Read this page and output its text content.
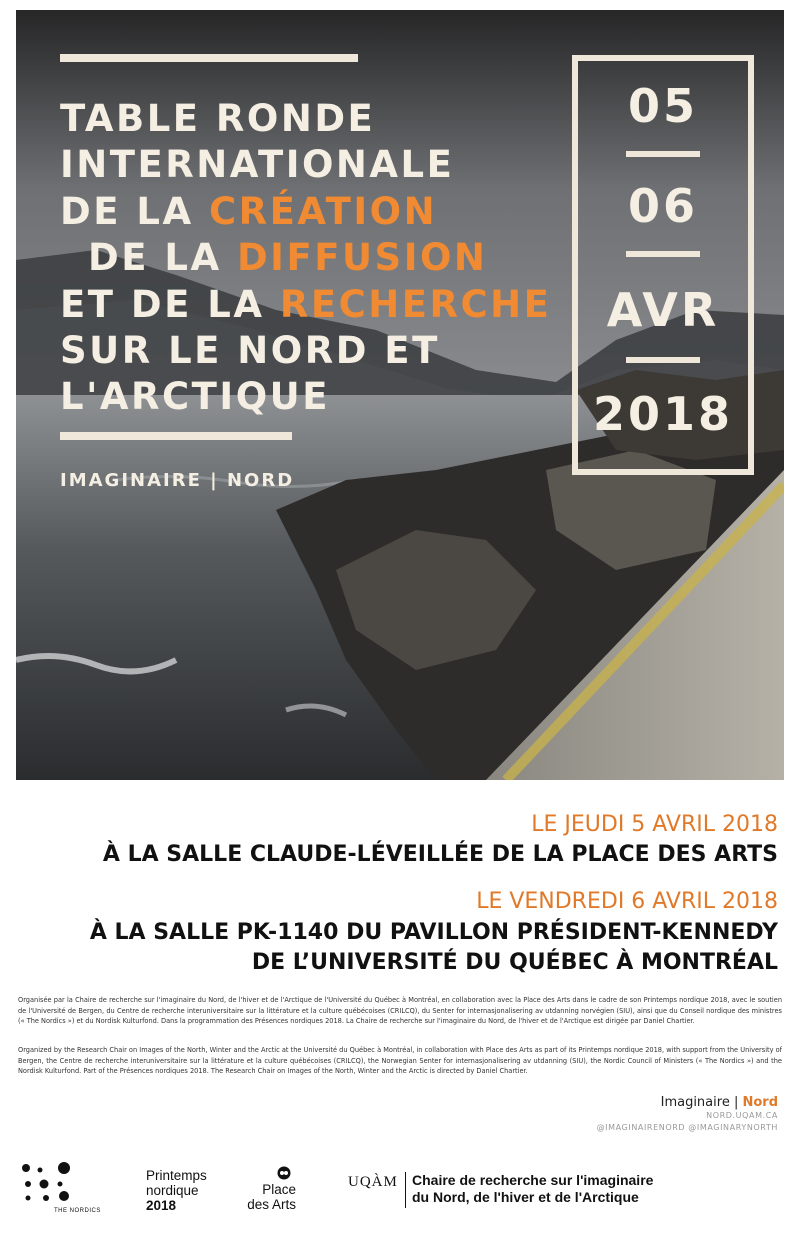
TABLE RONDE
INTERNATIONALE
DE LA CRÉATION
DE LA DIFFUSION
ET DE LA RECHERCHE
SUR LE NORD ET
L'ARCTIQUE
IMAGINAIRE | NORD
05
06
AVR
2018
LE JEUDI 5 AVRIL 2018
À LA SALLE CLAUDE-LÉVEILLÉE DE LA PLACE DES ARTS
LE VENDREDI 6 AVRIL 2018
À LA SALLE PK-1140 DU PAVILLON PRÉSIDENT-KENNEDY
DE L’UNIVERSITÉ DU QUÉBEC À MONTRÉAL
Organisée par la Chaire de recherche sur l'imaginaire du Nord, de l'hiver et de l'Arctique de l'Université du Québec à Montréal, en collaboration avec la Place des Arts dans le cadre de son Printemps nordique 2018, avec le soutien de l'Université de Bergen, du Centre de recherche interuniversitaire sur la littérature et la culture québécoises (CRILCQ), du Senter for internasjonalisering av utdanning norvégien (SIU), ainsi que du Conseil nordique des ministres (« The Nordics ») et du Nordisk Kulturfond. Dans la programmation des Présences nordiques 2018. La Chaire de recherche sur l'imaginaire du Nord, de l'hiver et de l'Arctique est dirigée par Daniel Chartier.
Organized by the Research Chair on Images of the North, Winter and the Arctic at the Université du Québec à Montréal, in collaboration with Place des Arts as part of its Printemps nordique 2018, with support from the University of Bergen, the Centre de recherche interuniversitaire sur la littérature et la culture québécoises (CRILCQ), the Norwegian Senter for internasjonalisering av utdanning (SIU), the Nordic Council of Ministers (« The Nordics ») and the Nordisk Kulturfond. Part of the Présences nordiques 2018. The Research Chair on Images of the North, Winter and the Arctic is directed by Daniel Chartier.
Imaginaire | Nord
NORD.UQAM.CA
@IMAGINAIRENORD @IMAGINARYNORTH
THE NORDICS
Printemps
nordique
2018
Place
des Arts
UQÀM Chaire de recherche sur l'imaginaire
du Nord, de l'hiver et de l'Arctique
